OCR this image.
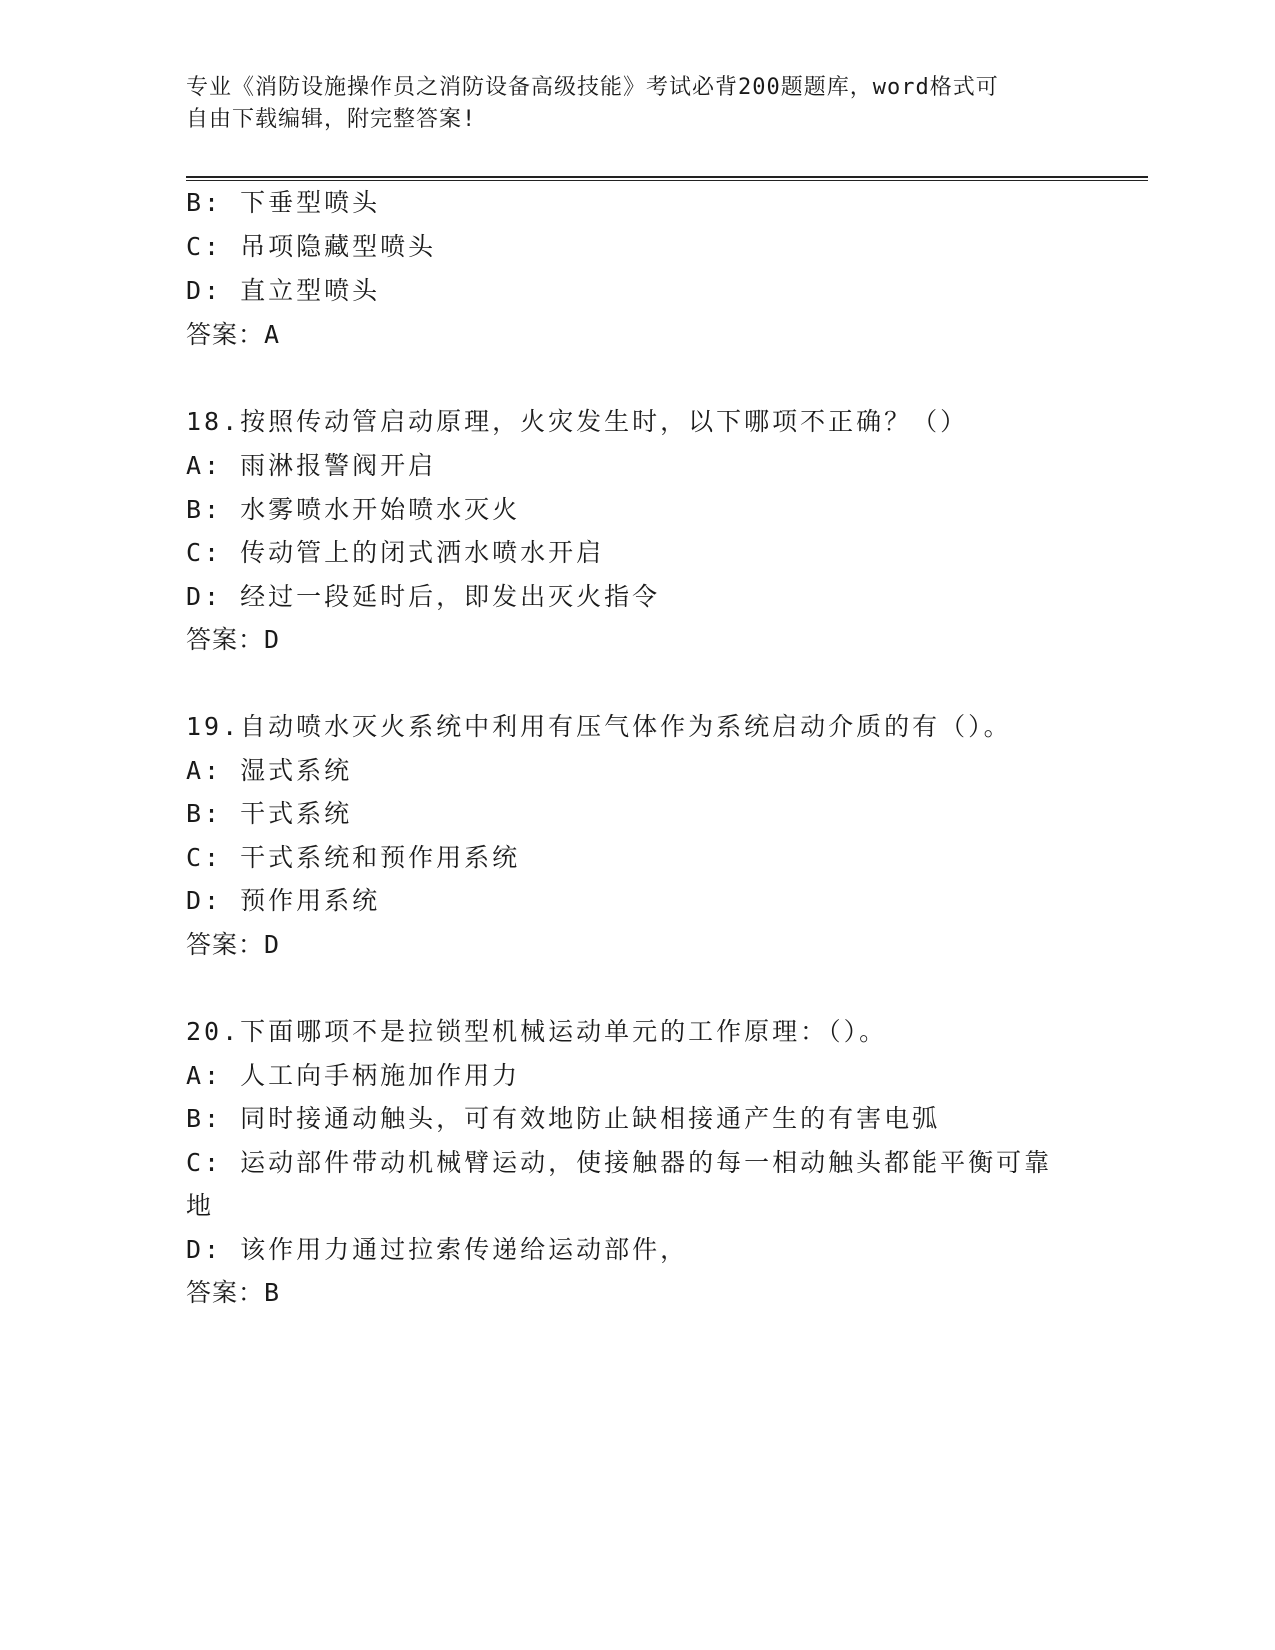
专业《消防设施操作员之消防设备高级技能》考试必背200题题库，word格式可
自由下载编辑，附完整答案!
B: 下垂型喷头
C: 吊项隐藏型喷头
D: 直立型喷头
答案：A
18.按照传动管启动原理，火灾发生时，以下哪项不正确？（）
A: 雨淋报警阀开启
B: 水雾喷水开始喷水灭火
C: 传动管上的闭式洒水喷水开启
D: 经过一段延时后，即发出灭火指令
答案：D
19.自动喷水灭火系统中利用有压气体作为系统启动介质的有（）。
A: 湿式系统
B: 干式系统
C: 干式系统和预作用系统
D: 预作用系统
答案：D
20.下面哪项不是拉锁型机械运动单元的工作原理：（）。
A: 人工向手柄施加作用力
B: 同时接通动触头，可有效地防止缺相接通产生的有害电弧
C: 运动部件带动机械臂运动，使接触器的每一相动触头都能平衡可靠
地
D: 该作用力通过拉索传递给运动部件，
答案：B
